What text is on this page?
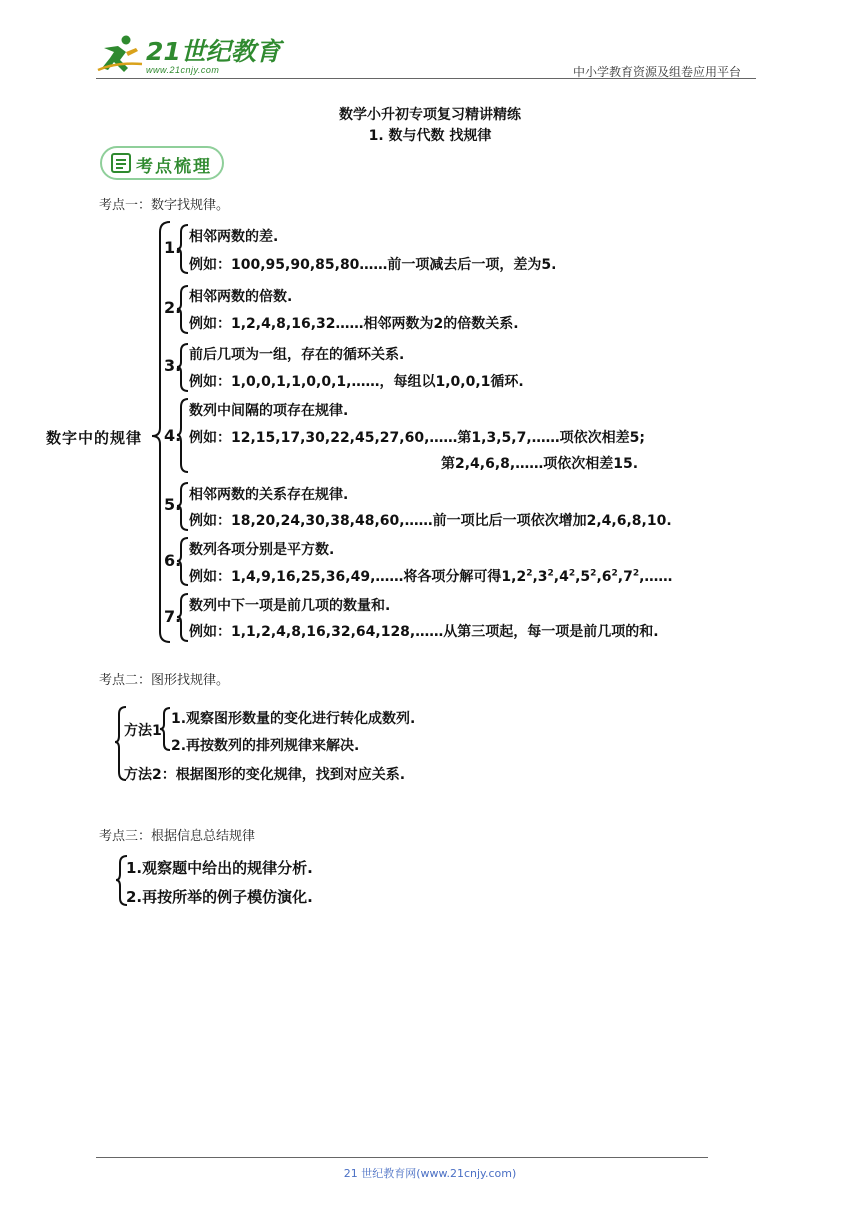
21世纪教育
www.21cnjy.com	中小学教育资源及组卷应用平台
数学小升初专项复习精讲精练
1. 数与代数 找规律
考点梳理
考点一：数字找规律。
数字中的规律
1.
相邻两数的差.
例如：100,95,90,85,80……前一项减去后一项，差为5.
2.
相邻两数的倍数.
例如：1,2,4,8,16,32……相邻两数为2的倍数关系.
3.
前后几项为一组，存在的循环关系.
例如：1,0,0,1,1,0,0,1,……，每组以1,0,0,1循环.
4.
数列中间隔的项存在规律.
例如：12,15,17,30,22,45,27,60,……第1,3,5,7,……项依次相差5;
第2,4,6,8,……项依次相差15.
5. 相邻两数的关系存在规律.
例如：18,20,24,30,38,48,60,……前一项比后一项依次增加2,4,6,8,10.
6.
数列各项分别是平方数.
例如：1,4,9,16,25,36,49,……将各项分解可得$1,2^2,3^2,4^2,5^2,6^2,7^2,\dots\dots$
7.
数列中下一项是前几项的数量和.
例如：1,1,2,4,8,16,32,64,128,……从第三项起，每一项是前几项的和.
考点二：图形找规律。
方法1
1.观察图形数量的变化进行转化成数列.
2.再按数列的排列规律来解决.
方法2：根据图形的变化规律，找到对应关系.
考点三：根据信息总结规律
1.观察题中给出的规律分析.
2.再按所举的例子模仿演化.
21 世纪教育网(www.21cnjy.com)
